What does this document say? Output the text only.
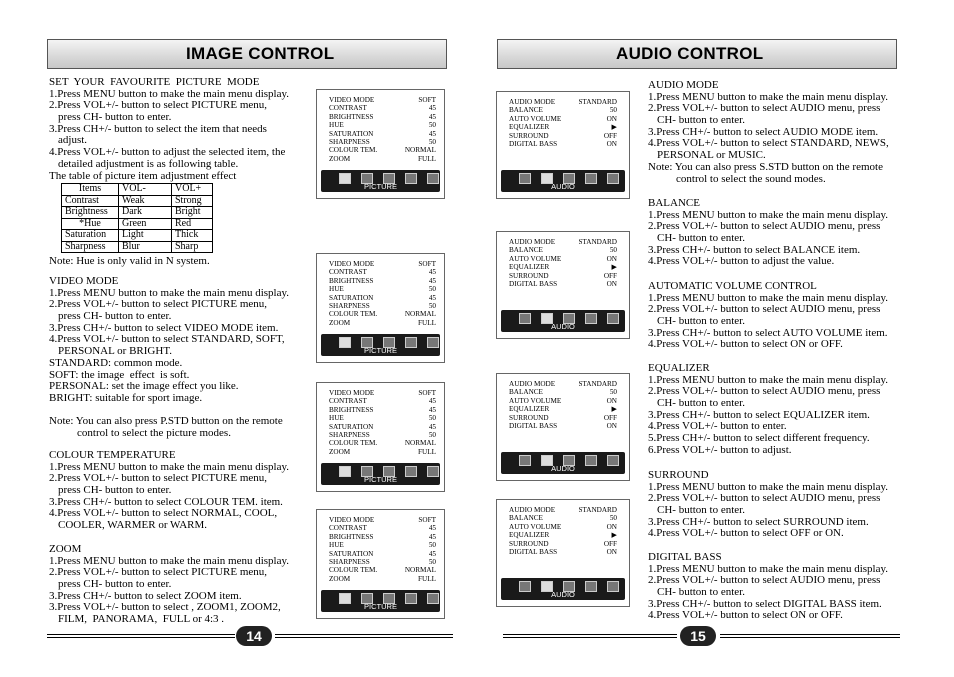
IMAGE CONTROL
SET  YOUR  FAVOURITE  PICTURE  MODE
1.Press MENU button to make the main menu display.
2.Press VOL+/- button to select PICTURE menu,
press CH- button to enter.
3.Press CH+/- button to select the item that needs
adjust.
4.Press VOL+/- button to adjust the selected item, the
detailed adjustment is as following table.
The table of picture item adjustment effect
Items	VOL-	VOL+
Contrast	Weak	Strong
Brightness	Dark	Bright
*Hue	Green	Red
Saturation	Light	Thick
Sharpness	Blur	Sharp
Note: Hue is only valid in N system.
VIDEO MODE
1.Press MENU button to make the main menu display.
2.Press VOL+/- button to select PICTURE menu,
press CH- button to enter.
3.Press CH+/- button to select VIDEO MODE item.
4.Press VOL+/- button to select STANDARD, SOFT,
PERSONAL or BRIGHT.
STANDARD: common mode.
SOFT: the image  effect  is soft.
PERSONAL: set the image effect you like.
BRIGHT: suitable for sport image.
Note: You can also press P.STD button on the remote
control to select the picture modes.
COLOUR TEMPERATURE
1.Press MENU button to make the main menu display.
2.Press VOL+/- button to select PICTURE menu,
press CH- button to enter.
3.Press CH+/- button to select COLOUR TEM. item.
4.Press VOL+/- button to select NORMAL, COOL,
COOLER, WARMER or WARM.
ZOOM
1.Press MENU button to make the main menu display.
2.Press VOL+/- button to select PICTURE menu,
press CH- button to enter.
3.Press CH+/- button to select ZOOM item.
3.Press VOL+/- button to select , ZOOM1, ZOOM2,
FILM,  PANORAMA,  FULL or 4:3 .
VIDEO MODE	SOFT
CONTRAST	45
BRIGHTNESS	45
HUE	50
SATURATION	45
SHARPNESS	50
COLOUR TEM.	NORMAL
ZOOM	FULL
PICTURE
VIDEO MODE	SOFT
CONTRAST	45
BRIGHTNESS	45
HUE	50
SATURATION	45
SHARPNESS	50
COLOUR TEM.	NORMAL
ZOOM	FULL
PICTURE
VIDEO MODE	SOFT
CONTRAST	45
BRIGHTNESS	45
HUE	50
SATURATION	45
SHARPNESS	50
COLOUR TEM.	NORMAL
ZOOM	FULL
PICTURE
VIDEO MODE	SOFT
CONTRAST	45
BRIGHTNESS	45
HUE	50
SATURATION	45
SHARPNESS	50
COLOUR TEM.	NORMAL
ZOOM	FULL
PICTURE
14
AUDIO CONTROL
AUDIO MODE
1.Press MENU button to make the main menu display.
2.Press VOL+/- button to select AUDIO menu, press
CH- button to enter.
3.Press CH+/- button to select AUDIO MODE item.
4.Press VOL+/- button to select STANDARD, NEWS,
PERSONAL or MUSIC.
Note: You can also press S.STD button on the remote
control to select the sound modes.
BALANCE
1.Press MENU button to make the main menu display.
2.Press VOL+/- button to select AUDIO menu, press
CH- button to enter.
3.Press CH+/- button to select BALANCE item.
4.Press VOL+/- button to adjust the value.
AUTOMATIC VOLUME CONTROL
1.Press MENU button to make the main menu display.
2.Press VOL+/- button to select AUDIO menu, press
CH- button to enter.
3.Press CH+/- button to select AUTO VOLUME item.
4.Press VOL+/- button to select ON or OFF.
EQUALIZER
1.Press MENU button to make the main menu display.
2.Press VOL+/- button to select AUDIO menu, press
CH- button to enter.
3.Press CH+/- button to select EQUALIZER item.
4.Press VOL+/- button to enter.
5.Press CH+/- button to select different frequency.
6.Press VOL+/- button to adjust.
SURROUND
1.Press MENU button to make the main menu display.
2.Press VOL+/- button to select AUDIO menu, press
CH- button to enter.
3.Press CH+/- button to select SURROUND item.
4.Press VOL+/- button to select OFF or ON.
DIGITAL BASS
1.Press MENU button to make the main menu display.
2.Press VOL+/- button to select AUDIO menu, press
CH- button to enter.
3.Press CH+/- button to select DIGITAL BASS item.
4.Press VOL+/- button to select ON or OFF.
AUDIO MODE	STANDARD
BALANCE	50
AUTO VOLUME	ON
EQUALIZER	▶
SURROUND	OFF
DIGITAL BASS	ON
AUDIO
AUDIO MODE	STANDARD
BALANCE	50
AUTO VOLUME	ON
EQUALIZER	▶
SURROUND	OFF
DIGITAL BASS	ON
AUDIO
AUDIO MODE	STANDARD
BALANCE	50
AUTO VOLUME	ON
EQUALIZER	▶
SURROUND	OFF
DIGITAL BASS	ON
AUDIO
AUDIO MODE	STANDARD
BALANCE	50
AUTO VOLUME	ON
EQUALIZER	▶
SURROUND	OFF
DIGITAL BASS	ON
AUDIO
15
